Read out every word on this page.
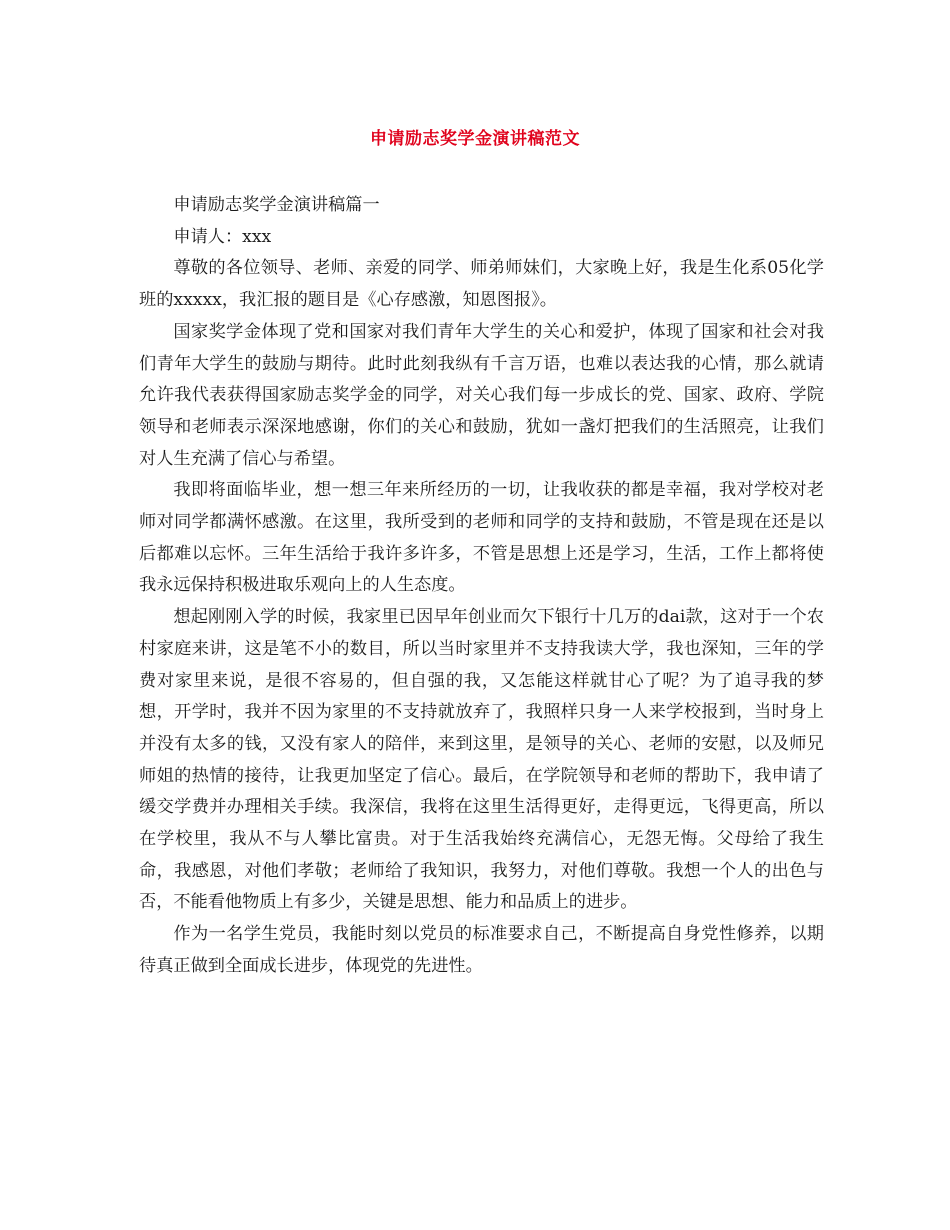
申请励志奖学金演讲稿范文

申请励志奖学金演讲稿篇一

申请人：xxx

尊敬的各位领导、老师、亲爱的同学、师弟师妹们，大家晚上好，我是生化系05化学班的xxxxx，我汇报的题目是《心存感激，知恩图报》。

国家奖学金体现了党和国家对我们青年大学生的关心和爱护，体现了国家和社会对我们青年大学生的鼓励与期待。此时此刻我纵有千言万语，也难以表达我的心情，那么就请允许我代表获得国家励志奖学金的同学，对关心我们每一步成长的党、国家、政府、学院领导和老师表示深深地感谢，你们的关心和鼓励，犹如一盏灯把我们的生活照亮，让我们对人生充满了信心与希望。

我即将面临毕业，想一想三年来所经历的一切，让我收获的都是幸福，我对学校对老师对同学都满怀感激。在这里，我所受到的老师和同学的支持和鼓励，不管是现在还是以后都难以忘怀。三年生活给于我许多许多，不管是思想上还是学习，生活，工作上都将使我永远保持积极进取乐观向上的人生态度。

想起刚刚入学的时候，我家里已因早年创业而欠下银行十几万的dai款，这对于一个农村家庭来讲，这是笔不小的数目，所以当时家里并不支持我读大学，我也深知，三年的学费对家里来说，是很不容易的，但自强的我，又怎能这样就甘心了呢？为了追寻我的梦想，开学时，我并不因为家里的不支持就放弃了，我照样只身一人来学校报到，当时身上并没有太多的钱，又没有家人的陪伴，来到这里，是领导的关心、老师的安慰，以及师兄师姐的热情的接待，让我更加坚定了信心。最后，在学院领导和老师的帮助下，我申请了缓交学费并办理相关手续。我深信，我将在这里生活得更好，走得更远，飞得更高，所以在学校里，我从不与人攀比富贵。对于生活我始终充满信心，无怨无悔。父母给了我生命，我感恩，对他们孝敬；老师给了我知识，我努力，对他们尊敬。我想一个人的出色与否，不能看他物质上有多少，关键是思想、能力和品质上的进步。

作为一名学生党员，我能时刻以党员的标准要求自己，不断提高自身党性修养，以期待真正做到全面成长进步，体现党的先进性。
